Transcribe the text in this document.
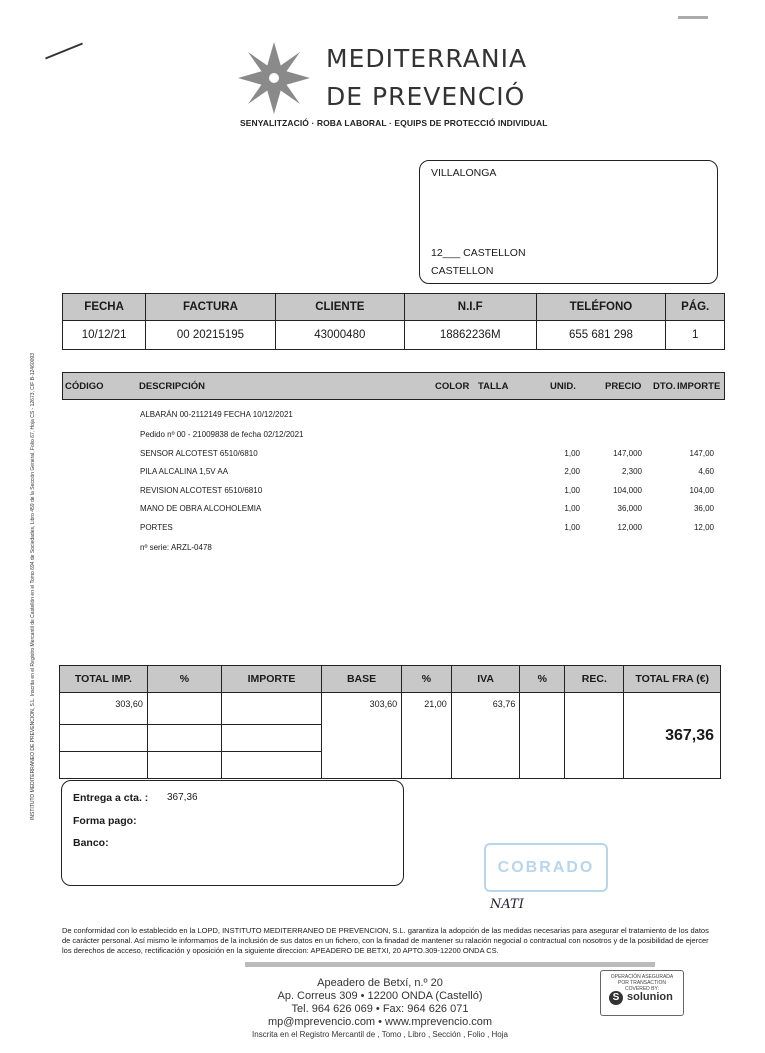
MEDITERRANIA
DE PREVENCIÓ
SENYALITZACIÓ · ROBA LABORAL · EQUIPS DE PROTECCIÓ INDIVIDUAL
INSTITUTO MEDITERRANEO DE PREVENCION, S.L. Inscrita en el Registro Mercantil de Castellón en el Tomo 694 de Sociedades, Libro 459 de la Sección General, Folio 67, Hoja CS - 12673, CIF B-12460093
VILLALONGA
12___ CASTELLON
CASTELLON
FECHA	FACTURA	CLIENTE	N.I.F	TELÉFONO	PÁG.
10/12/21	00 20215195	43000480	18862236M	655 681 298	1
CÓDIGO	DESCRIPCIÓN	COLOR TALLA	UNID.	PRECIO DTO. IMPORTE
ALBARÁN 00-2112149 FECHA 10/12/2021
Pedido nº 00 - 21009838 de fecha 02/12/2021
SENSOR ALCOTEST 6510/6810	1,00	147,000	147,00
PILA ALCALINA 1,5V AA	2,00	2,300	4,60
REVISION ALCOTEST 6510/6810	1,00	104,000	104,00
MANO DE OBRA ALCOHOLEMIA	1,00	36,000	36,00
PORTES	1,00	12,000	12,00
nº serie: ARZL-0478
TOTAL IMP.	%	IMPORTE	BASE	%	IVA	%	REC.	TOTAL FRA (€)
303,60			303,60	21,00	63,76			367,36

Entrega a cta. : 367,36
Forma pago:
Banco:
COBRADO
NATI
De conformidad con lo establecido en la LOPD, INSTITUTO MEDITERRANEO DE PREVENCION, S.L. garantiza la adopción de las medidas necesarias para asegurar el tratamiento de los datos de carácter personal. Así mismo le informamos de la inclusión de sus datos en un fichero, con la finadad de mantener su ralación negocial o contractual con nosotros y de la posibilidad de ejercer los derechos de acceso, rectificación y oposición en la siguiente direccion: APEADERO DE BETXI, 20 APTO.309-12200 ONDA CS.
Apeadero de Betxí, n.º 20
Ap. Correus 309 • 12200 ONDA (Castelló)
Tel. 964 626 069 • Fax: 964 626 071
mp@mprevencio.com • www.mprevencio.com
Inscrita en el Registro Mercantil de , Tomo , Libro , Sección , Folio , Hoja
OPERACIÓN ASEGURADA POR TRANSACTION COVERED BY:
S solunion
